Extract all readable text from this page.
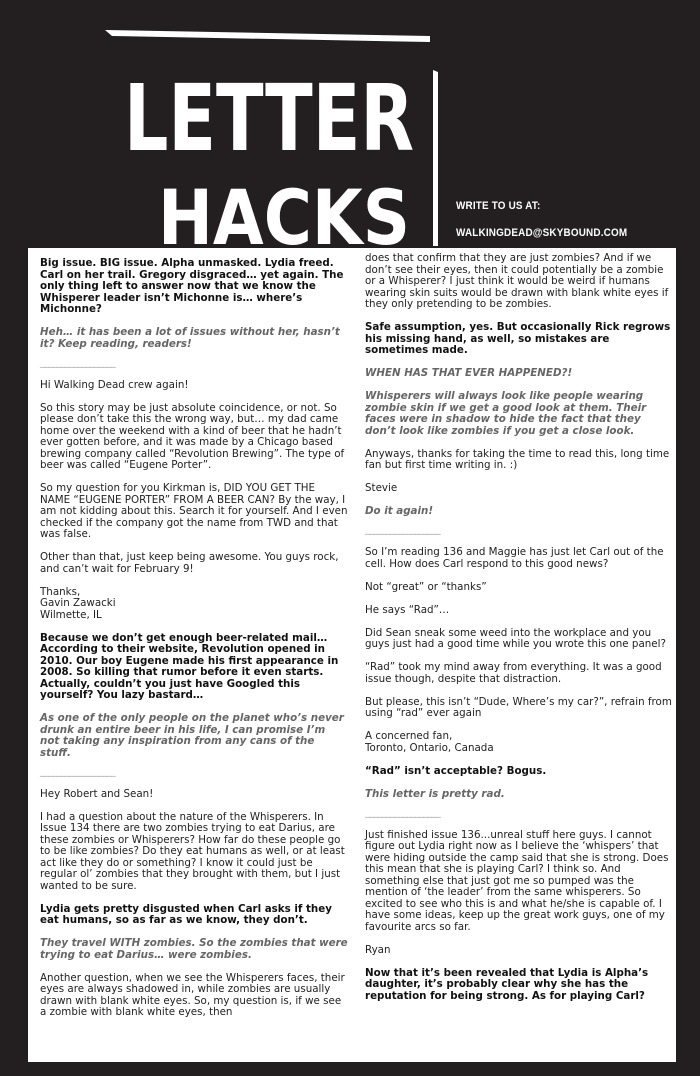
LETTER
HACKS	WRITE TO US AT:
WALKINGDEAD@SKYBOUND.COM

Big issue. BIG issue. Alpha unmasked. Lydia freed. Carl on her trail. Gregory disgraced… yet again. The only thing left to answer now that we know the Whisperer leader isn’t Michonne is… where’s Michonne?

Heh… it has been a lot of issues without her, hasn’t it? Keep reading, readers!

__________________

Hi Walking Dead crew again!

So this story may be just absolute coincidence, or not. So please don’t take this the wrong way, but… my dad came home over the weekend with a kind of beer that he hadn’t ever gotten before, and it was made by a Chicago based brewing company called “Revolution Brewing”. The type of beer was called “Eugene Porter”.

So my question for you Kirkman is, DID YOU GET THE NAME “EUGENE PORTER” FROM A BEER CAN? By the way, I am not kidding about this. Search it for yourself. And I even checked if the company got the name from TWD and that was false.

Other than that, just keep being awesome. You guys rock, and can’t wait for February 9!

Thanks,
Gavin Zawacki
Wilmette, IL

Because we don’t get enough beer-related mail… According to their website, Revolution opened in 2010. Our boy Eugene made his first appearance in 2008. So killing that rumor before it even starts. Actually, couldn’t you just have Googled this yourself? You lazy bastard…

As one of the only people on the planet who’s never drunk an entire beer in his life, I can promise I’m not taking any inspiration from any cans of the stuff.

__________________

Hey Robert and Sean!

I had a question about the nature of the Whisperers. In Issue 134 there are two zombies trying to eat Darius, are these zombies or Whisperers? How far do these people go to be like zombies? Do they eat humans as well, or at least act like they do or something? I know it could just be regular ol’ zombies that they brought with them, but I just wanted to be sure.

Lydia gets pretty disgusted when Carl asks if they eat humans, so as far as we know, they don’t.

They travel WITH zombies. So the zombies that were trying to eat Darius… were zombies.

Another question, when we see the Whisperers faces, their eyes are always shadowed in, while zombies are usually drawn with blank white eyes. So, my question is, if we see a zombie with blank white eyes, then

does that confirm that they are just zombies? And if we don’t see their eyes, then it could potentially be a zombie or a Whisperer? I just think it would be weird if humans wearing skin suits would be drawn with blank white eyes if they only pretending to be zombies.

Safe assumption, yes. But occasionally Rick regrows his missing hand, as well, so mistakes are sometimes made.

WHEN HAS THAT EVER HAPPENED?!

Whisperers will always look like people wearing zombie skin if we get a good look at them. Their faces were in shadow to hide the fact that they don’t look like zombies if you get a close look.

Anyways, thanks for taking the time to read this, long time fan but first time writing in. :)

Stevie

Do it again!

__________________

So I’m reading 136 and Maggie has just let Carl out of the cell. How does Carl respond to this good news?

Not “great” or “thanks”

He says “Rad”…

Did Sean sneak some weed into the workplace and you guys just had a good time while you wrote this one panel?

“Rad” took my mind away from everything. It was a good issue though, despite that distraction.

But please, this isn’t “Dude, Where’s my car?”, refrain from using “rad” ever again

A concerned fan,
Toronto, Ontario, Canada

“Rad” isn’t acceptable? Bogus.

This letter is pretty rad.

__________________

Just finished issue 136...unreal stuff here guys. I cannot figure out Lydia right now as I believe the ‘whispers’ that were hiding outside the camp said that she is strong. Does this mean that she is playing Carl? I think so. And something else that just got me so pumped was the mention of ‘the leader’ from the same whisperers. So excited to see who this is and what he/she is capable of. I have some ideas, keep up the great work guys, one of my favourite arcs so far.

Ryan

Now that it’s been revealed that Lydia is Alpha’s daughter, it’s probably clear why she has the reputation for being strong. As for playing Carl?
